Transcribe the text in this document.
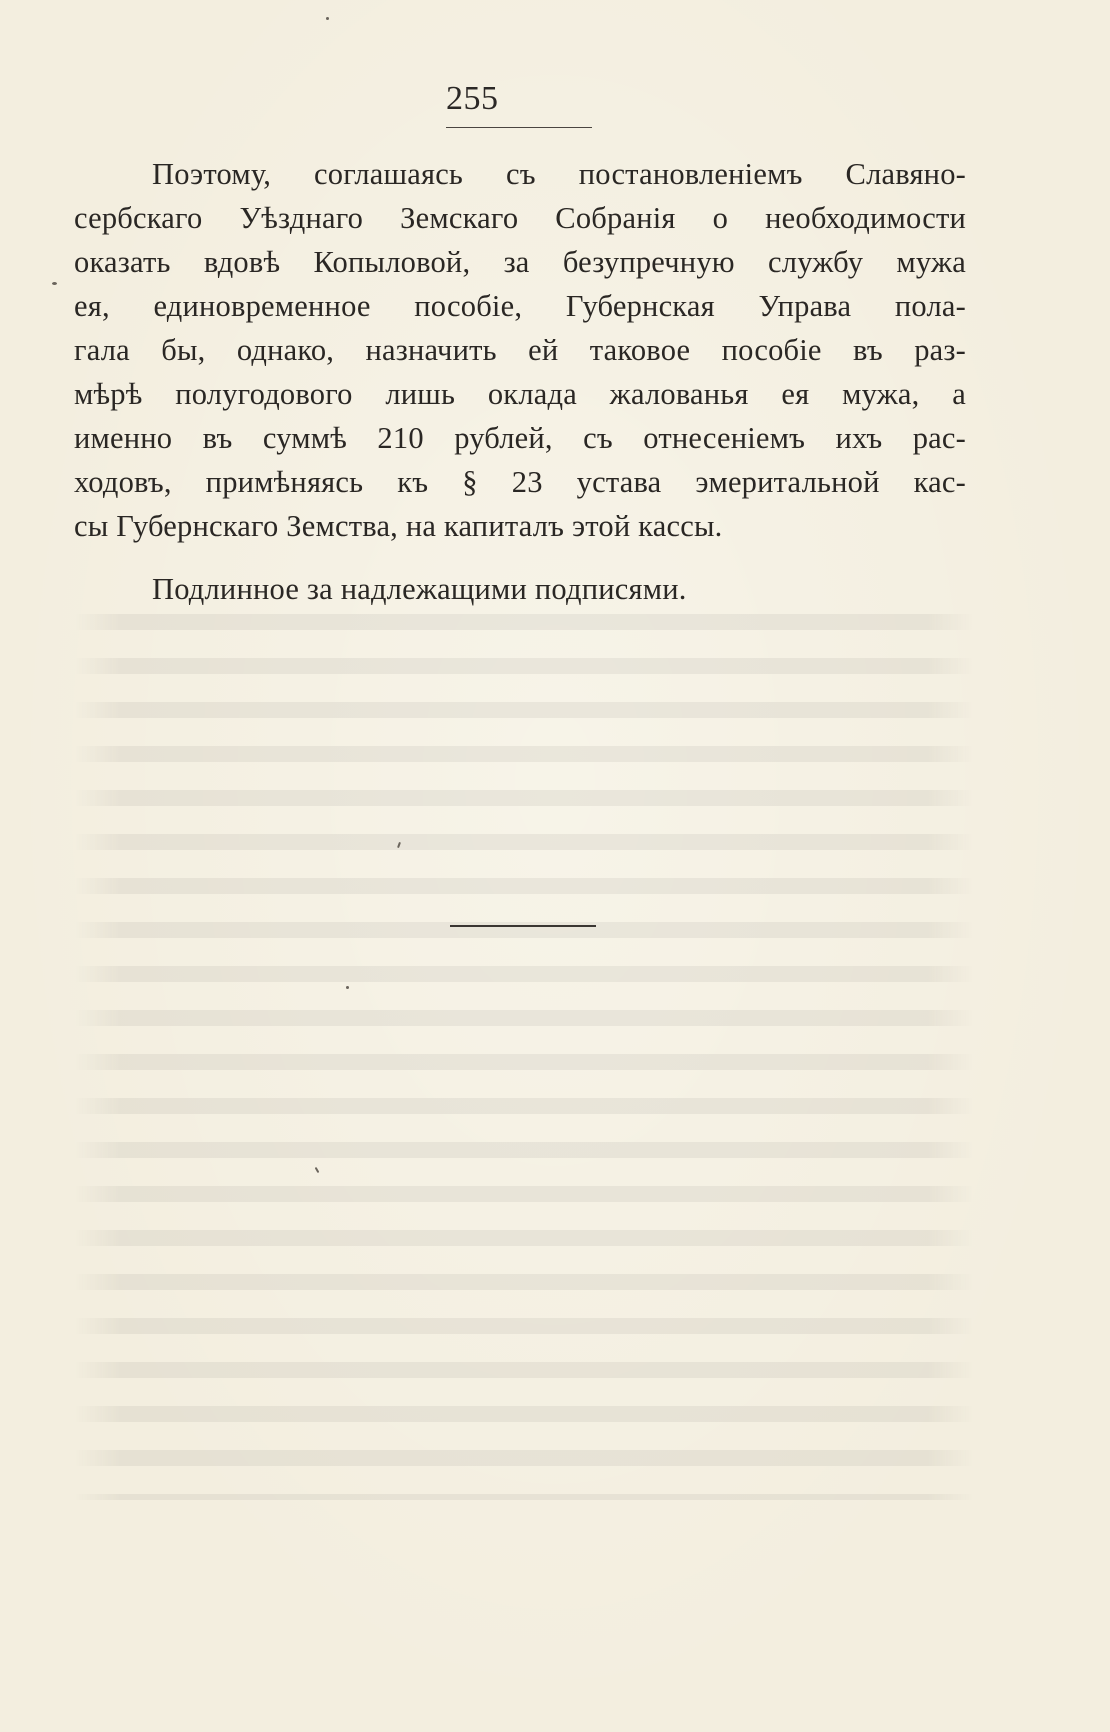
255
Поэтому, соглашаясь съ постановленіемъ Славяно-
сербскаго Уѣзднаго Земскаго Собранія о необходимости
оказать вдовѣ Копыловой, за безупречную службу мужа
ея, единовременное пособіе, Губернская Управа пола-
гала бы, однако, назначить ей таковое пособіе въ раз-
мѣрѣ полугодового лишь оклада жалованья ея мужа, а
именно въ суммѣ 210 рублей, съ отнесеніемъ ихъ рас-
ходовъ, примѣняясь къ § 23 устава эмеритальной кас-
сы Губернскаго Земства, на капиталъ этой кассы.
Подлинное за надлежащими подписями.
